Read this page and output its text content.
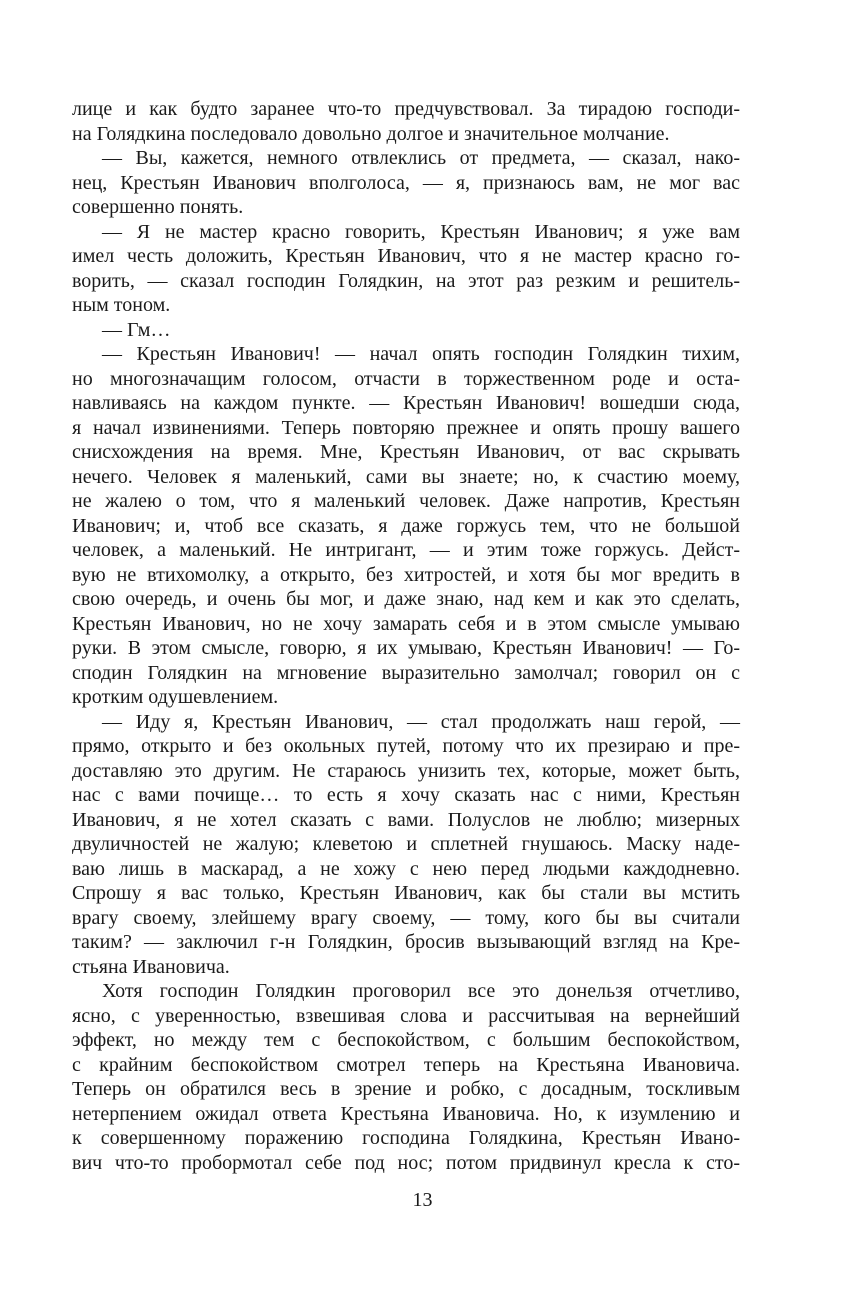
лице и как будто заранее что-то предчувствовал. За тирадою господи-
на Голядкина последовало довольно долгое и значительное молчание.
— Вы, кажется, немного отвлеклись от предмета, — сказал, нако-
нец, Крестьян Иванович вполголоса, — я, признаюсь вам, не мог вас
совершенно понять.
— Я не мастер красно говорить, Крестьян Иванович; я уже вам
имел честь доложить, Крестьян Иванович, что я не мастер красно го-
ворить, — сказал господин Голядкин, на этот раз резким и решитель-
ным тоном.
— Гм…
— Крестьян Иванович! — начал опять господин Голядкин тихим,
но многозначащим голосом, отчасти в торжественном роде и оста-
навливаясь на каждом пункте. — Крестьян Иванович! вошедши сюда,
я начал извинениями. Теперь повторяю прежнее и опять прошу вашего
снисхождения на время. Мне, Крестьян Иванович, от вас скрывать
нечего. Человек я маленький, сами вы знаете; но, к счастию моему,
не жалею о том, что я маленький человек. Даже напротив, Крестьян
Иванович; и, чтоб все сказать, я даже горжусь тем, что не большой
человек, а маленький. Не интригант, — и этим тоже горжусь. Дейст-
вую не втихомолку, а открыто, без хитростей, и хотя бы мог вредить в
свою очередь, и очень бы мог, и даже знаю, над кем и как это сделать,
Крестьян Иванович, но не хочу замарать себя и в этом смысле умываю
руки. В этом смысле, говорю, я их умываю, Крестьян Иванович! — Го-
сподин Голядкин на мгновение выразительно замолчал; говорил он с
кротким одушевлением.
— Иду я, Крестьян Иванович, — стал продолжать наш герой, —
прямо, открыто и без окольных путей, потому что их презираю и пре-
доставляю это другим. Не стараюсь унизить тех, которые, может быть,
нас с вами почище… то есть я хочу сказать нас с ними, Крестьян
Иванович, я не хотел сказать с вами. Полуслов не люблю; мизерных
двуличностей не жалую; клеветою и сплетней гнушаюсь. Маску наде-
ваю лишь в маскарад, а не хожу с нею перед людьми каждодневно.
Спрошу я вас только, Крестьян Иванович, как бы стали вы мстить
врагу своему, злейшему врагу своему, — тому, кого бы вы считали
таким? — заключил г-н Голядкин, бросив вызывающий взгляд на Кре-
стьяна Ивановича.
Хотя господин Голядкин проговорил все это донельзя отчетливо,
ясно, с уверенностью, взвешивая слова и рассчитывая на вернейший
эффект, но между тем с беспокойством, с большим беспокойством,
с крайним беспокойством смотрел теперь на Крестьяна Ивановича.
Теперь он обратился весь в зрение и робко, с досадным, тоскливым
нетерпением ожидал ответа Крестьяна Ивановича. Но, к изумлению и
к совершенному поражению господина Голядкина, Крестьян Ивано-
вич что-то пробормотал себе под нос; потом придвинул кресла к сто-
13
